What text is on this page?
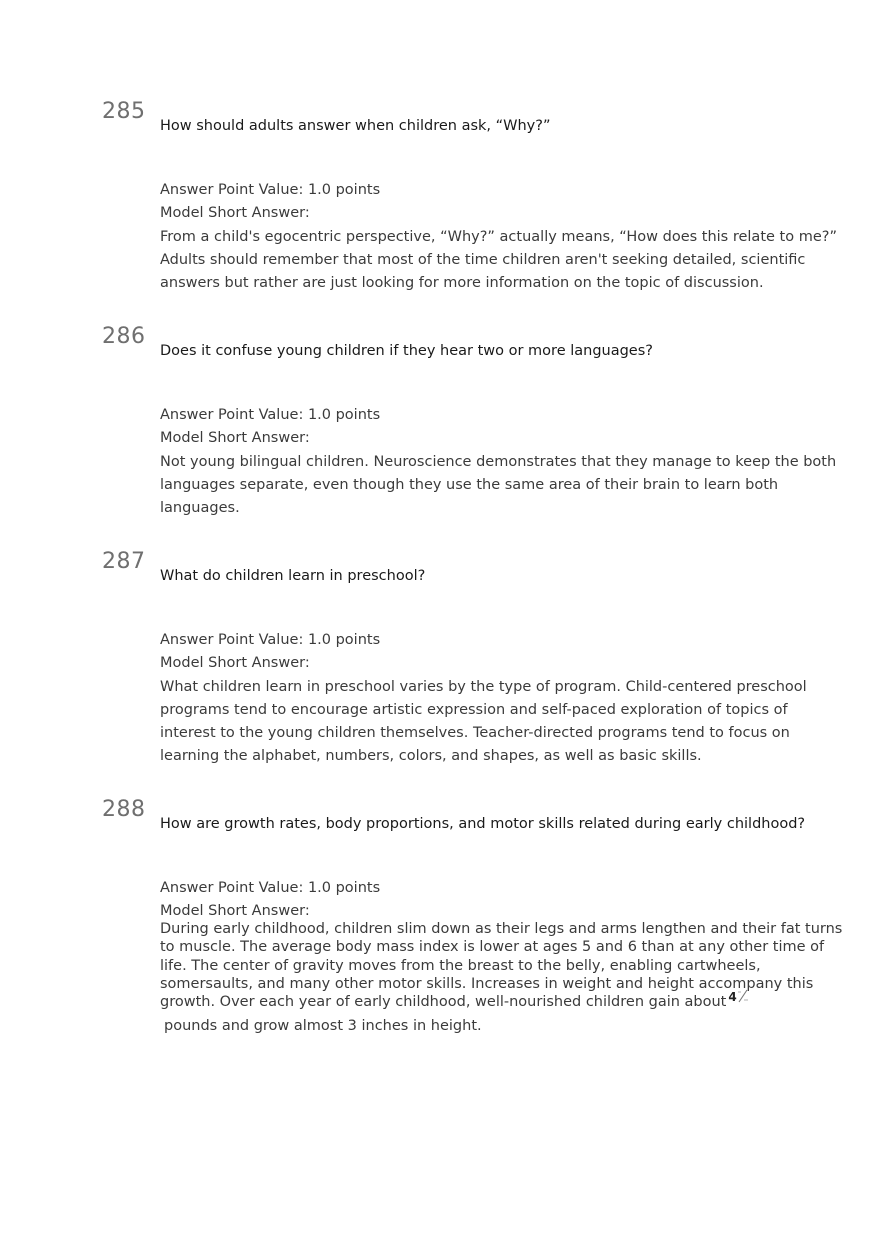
285
How should adults answer when children ask, “Why?”
Answer Point Value: 1.0 points
Model Short Answer:
From a child's egocentric perspective, “Why?” actually means, “How does this relate to me?”
Adults should remember that most of the time children aren't seeking detailed, scientific
answers but rather are just looking for more information on the topic of discussion.
286
Does it confuse young children if they hear two or more languages?
Answer Point Value: 1.0 points
Model Short Answer:
Not young bilingual children. Neuroscience demonstrates that they manage to keep the both
languages separate, even though they use the same area of their brain to learn both
languages.
287
What do children learn in preschool?
Answer Point Value: 1.0 points
Model Short Answer:
What children learn in preschool varies by the type of program. Child-centered preschool
programs tend to encourage artistic expression and self-paced exploration of topics of
interest to the young children themselves. Teacher-directed programs tend to focus on
learning the alphabet, numbers, colors, and shapes, as well as basic skills.
288
How are growth rates, body proportions, and motor skills related during early childhood?
Answer Point Value: 1.0 points
Model Short Answer:
During early childhood, children slim down as their legs and arms lengthen and their fat turns
to muscle. The average body mass index is lower at ages 5 and 6 than at any other time of
life. The center of gravity moves from the breast to the belly, enabling cartwheels,
somersaults, and many other motor skills. Increases in weight and height accompany this
growth. Over each year of early childhood, well-nourished children gain about 4
pounds and grow almost 3 inches in height.
